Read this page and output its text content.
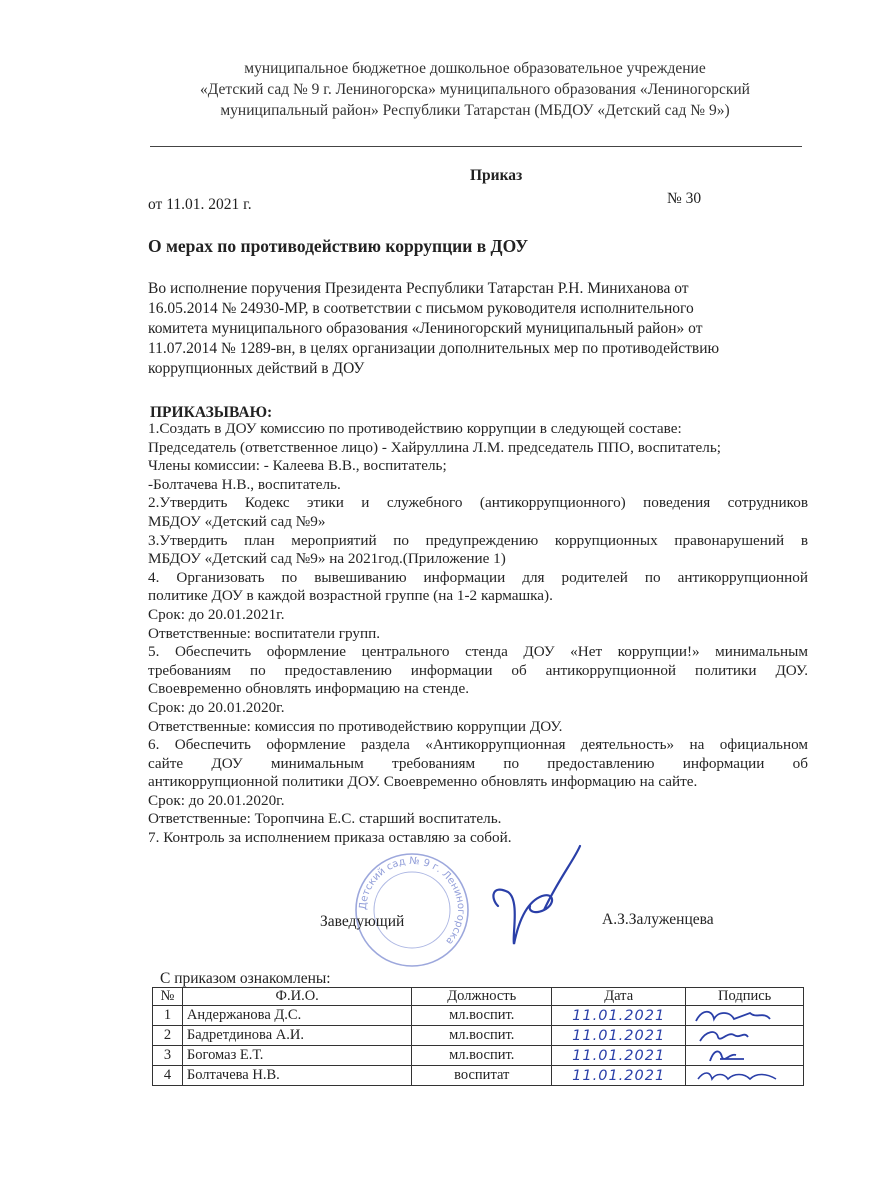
муниципальное бюджетное дошкольное образовательное учреждение
«Детский сад № 9 г. Лениногорска» муниципального образования «Лениногорский
муниципальный район» Республики Татарстан (МБДОУ «Детский сад № 9»)
Приказ
от 11.01. 2021 г.	№ 30
О мерах по противодействию коррупции в ДОУ
Во исполнение поручения Президента Республики Татарстан Р.Н. Миниханова от
16.05.2014 № 24930-МР, в соответствии с письмом руководителя исполнительного
комитета муниципального образования «Лениногорский муниципальный район» от
11.07.2014 № 1289-вн, в целях организации дополнительных мер по противодействию
коррупционных действий в ДОУ
ПРИКАЗЫВАЮ:
1.Создать в ДОУ комиссию по противодействию коррупции в следующей составе:
Председатель (ответственное лицо) - Хайруллина Л.М. председатель ППО, воспитатель;
Члены комиссии: - Калеева В.В., воспитатель;
-Болтачева Н.В., воспитатель.
2.Утвердить Кодекс этики и служебного (антикоррупционного) поведения сотрудников
МБДОУ «Детский сад №9»
3.Утвердить план мероприятий по предупреждению коррупционных правонарушений в
МБДОУ «Детский сад №9» на 2021год.(Приложение 1)
4. Организовать по вывешиванию информации для родителей по антикоррупционной
политике ДОУ в каждой возрастной группе (на 1-2 кармашка).
Срок: до 20.01.2021г.
Ответственные: воспитатели групп.
5. Обеспечить оформление центрального стенда ДОУ «Нет коррупции!» минимальным
требованиям по предоставлению информации об антикоррупционной политики ДОУ.
Своевременно обновлять информацию на стенде.
Срок: до 20.01.2020г.
Ответственные: комиссия по противодействию коррупции ДОУ.
6. Обеспечить оформление раздела «Антикоррупционная деятельность» на официальном
сайте ДОУ минимальным требованиям по предоставлению информации об
антикоррупционной политики ДОУ. Своевременно обновлять информацию на сайте.
Срок: до 20.01.2020г.
Ответственные: Торопчина Е.С. старший воспитатель.
7. Контроль за исполнением приказа оставляю за собой.
Детский сад № 9 г. Лениногорска
Заведующий	А.З.Залуженцева
С приказом ознакомлены:
№	Ф.И.О.	Должность	Дата	Подпись
1	Андержанова Д.С.	мл.воспит.	11.01.2021	

2	Бадретдинова А.И.	мл.воспит.	11.01.2021	

3	Богомаз Е.Т.	мл.воспит.	11.01.2021	

4	Болтачева Н.В.	воспитат	11.01.2021	
